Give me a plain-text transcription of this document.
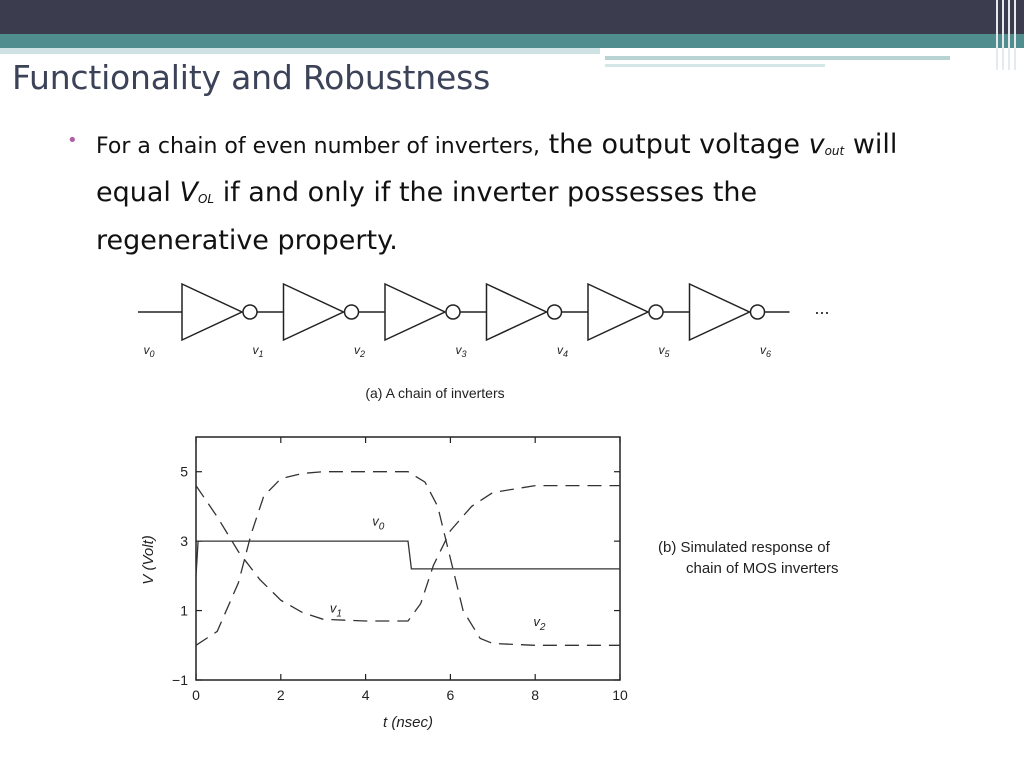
Functionality and Robustness
• For a chain of even number of inverters, the output voltage $v_{out}$ will equal $V_{OL}$ if and only if the inverter possesses the regenerative property.
$v_0$	$v_1$	$v_2$	$v_3$	$v_4$	$v_5$	$v_6$
(a) A chain of inverters
...
0	2	4	6	8	10
5
3
1
−1
$v_0$
$v_1$
$v_2$
t (nsec)
V (Volt)	(b) Simulated response of
chain of MOS inverters
